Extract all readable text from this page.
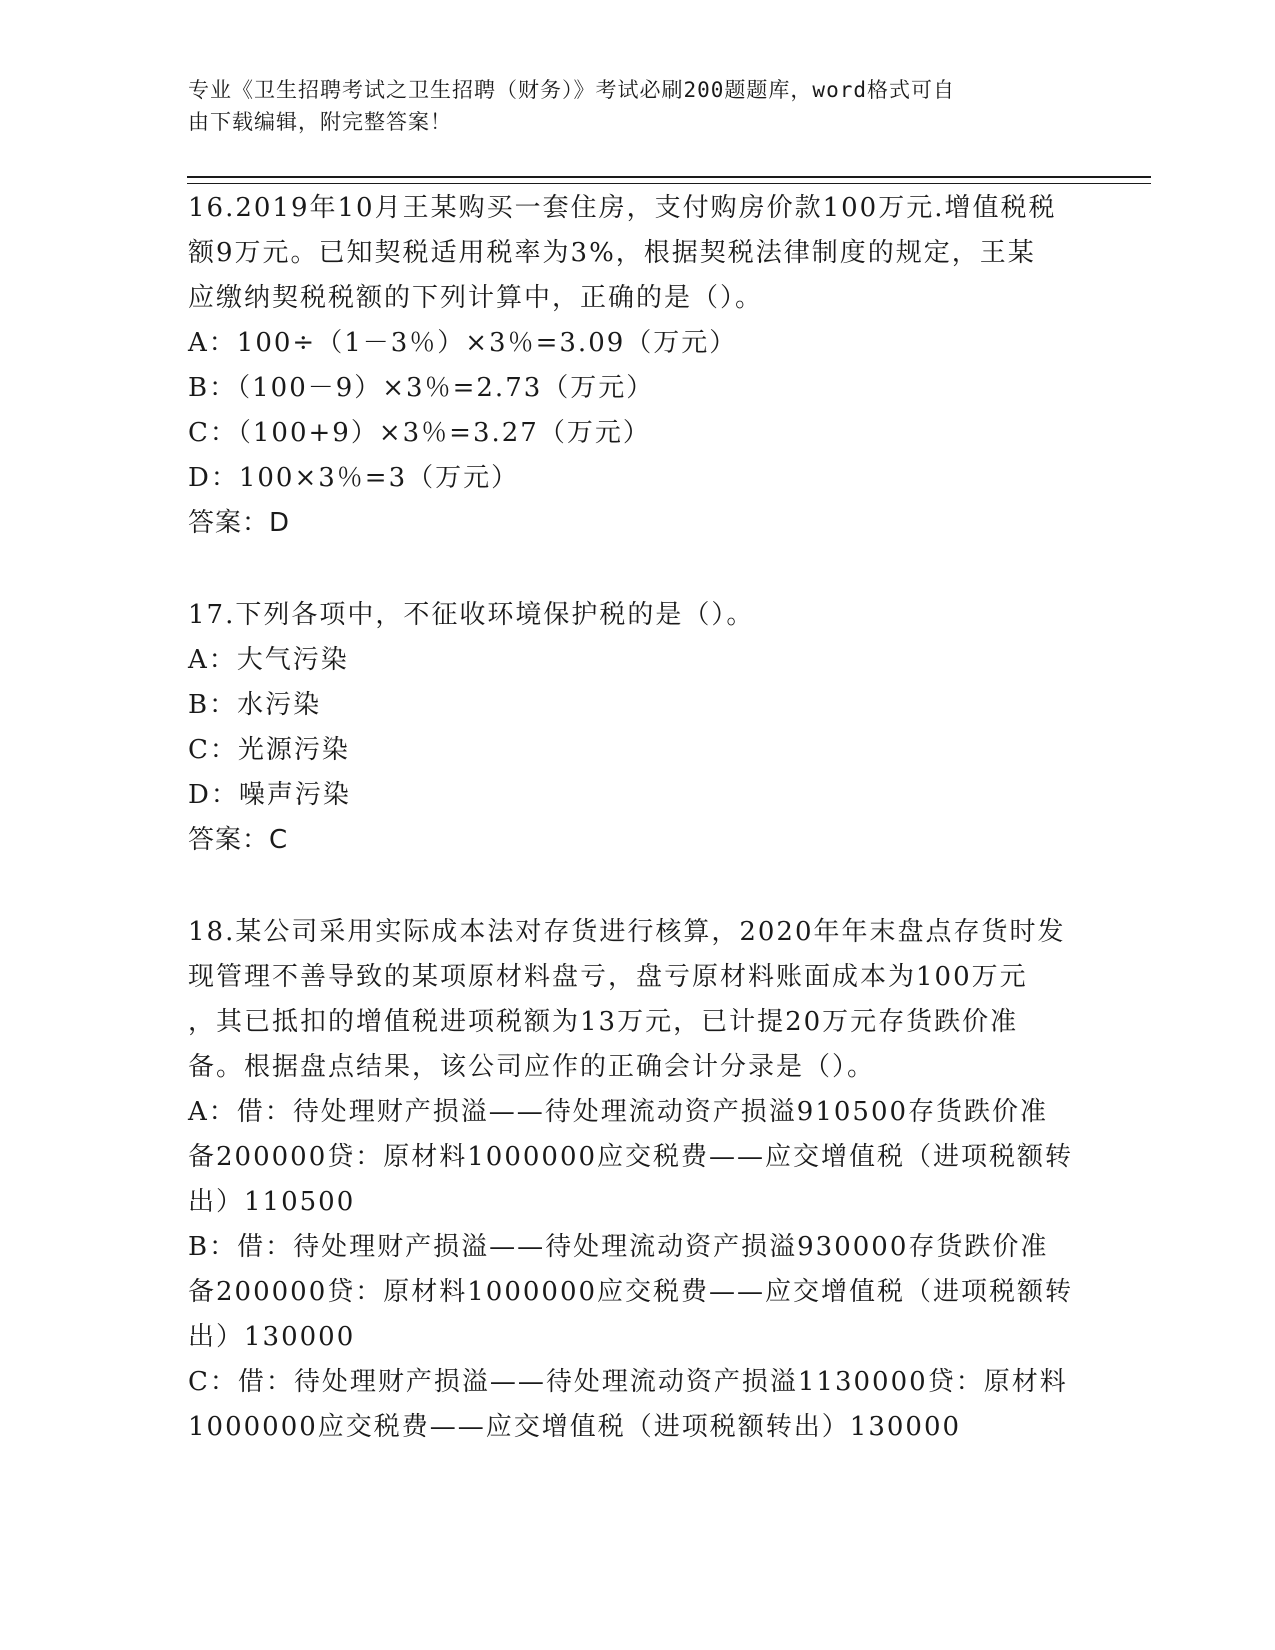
专业《卫生招聘考试之卫生招聘（财务）》考试必刷200题题库，word格式可自
由下载编辑，附完整答案！
16.2019年10月王某购买一套住房，支付购房价款100万元.增值税税
额9万元。已知契税适用税率为3%，根据契税法律制度的规定，王某
应缴纳契税税额的下列计算中，正确的是（）。
A：100÷（1－3％）×3％=3.09（万元）
B：（100－9）×3％=2.73（万元）
C：（100+9）×3％=3.27（万元）
D：100×3％=3（万元）
答案：D
17.下列各项中，不征收环境保护税的是（）。
A：大气污染
B：水污染
C：光源污染
D：噪声污染
答案：C
18.某公司采用实际成本法对存货进行核算，2020年年末盘点存货时发
现管理不善导致的某项原材料盘亏，盘亏原材料账面成本为100万元
，其已抵扣的增值税进项税额为13万元，已计提20万元存货跌价准
备。根据盘点结果，该公司应作的正确会计分录是（）。
A：借：待处理财产损溢——待处理流动资产损溢910500存货跌价准
备200000贷：原材料1000000应交税费——应交增值税（进项税额转
出）110500
B：借：待处理财产损溢——待处理流动资产损溢930000存货跌价准
备200000贷：原材料1000000应交税费——应交增值税（进项税额转
出）130000
C：借：待处理财产损溢——待处理流动资产损溢1130000贷：原材料
1000000应交税费——应交增值税（进项税额转出）130000
